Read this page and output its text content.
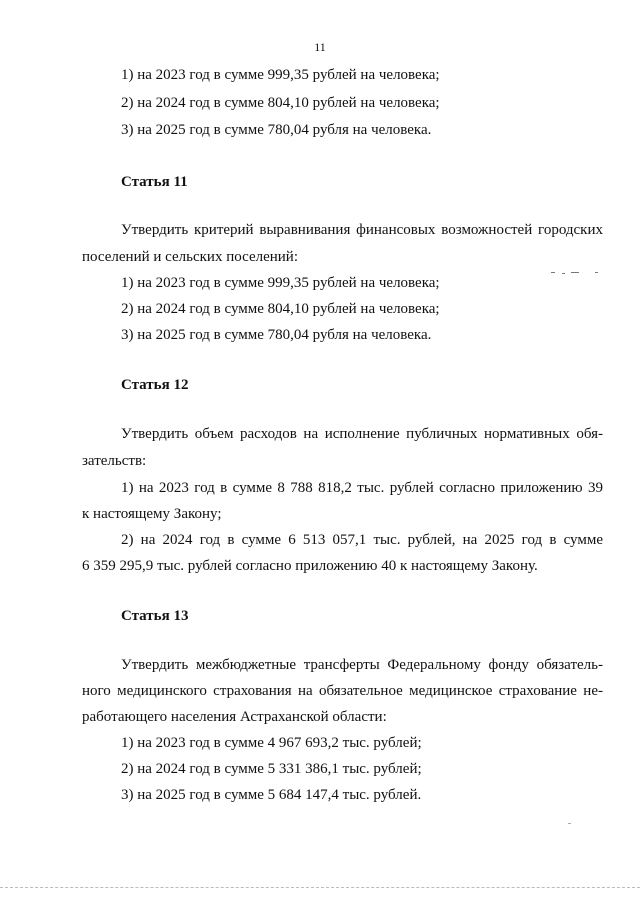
11
1) на 2023 год в сумме 999,35 рублей на человека;
2) на 2024 год в сумме 804,10 рублей на человека;
3) на 2025 год в сумме 780,04 рубля на человека.
Статья 11
Утвердить критерий выравнивания финансовых возможностей городских
поселений и сельских поселений:
1) на 2023 год в сумме 999,35 рублей на человека;
2) на 2024 год в сумме 804,10 рублей на человека;
3) на 2025 год в сумме 780,04 рубля на человека.
Статья 12
Утвердить объем расходов на исполнение публичных нормативных обя-
зательств:
1) на 2023 год в сумме 8 788 818,2 тыс. рублей согласно приложению 39
к настоящему Закону;
2) на 2024 год в сумме 6 513 057,1 тыс. рублей, на 2025 год в сумме
6 359 295,9 тыс. рублей согласно приложению 40 к настоящему Закону.
Статья 13
Утвердить межбюджетные трансферты Федеральному фонду обязатель-
ного медицинского страхования на обязательное медицинское страхование не-
работающего населения Астраханской области:
1) на 2023 год в сумме 4 967 693,2 тыс. рублей;
2) на 2024 год в сумме 5 331 386,1 тыс. рублей;
3) на 2025 год в сумме 5 684 147,4 тыс. рублей.
